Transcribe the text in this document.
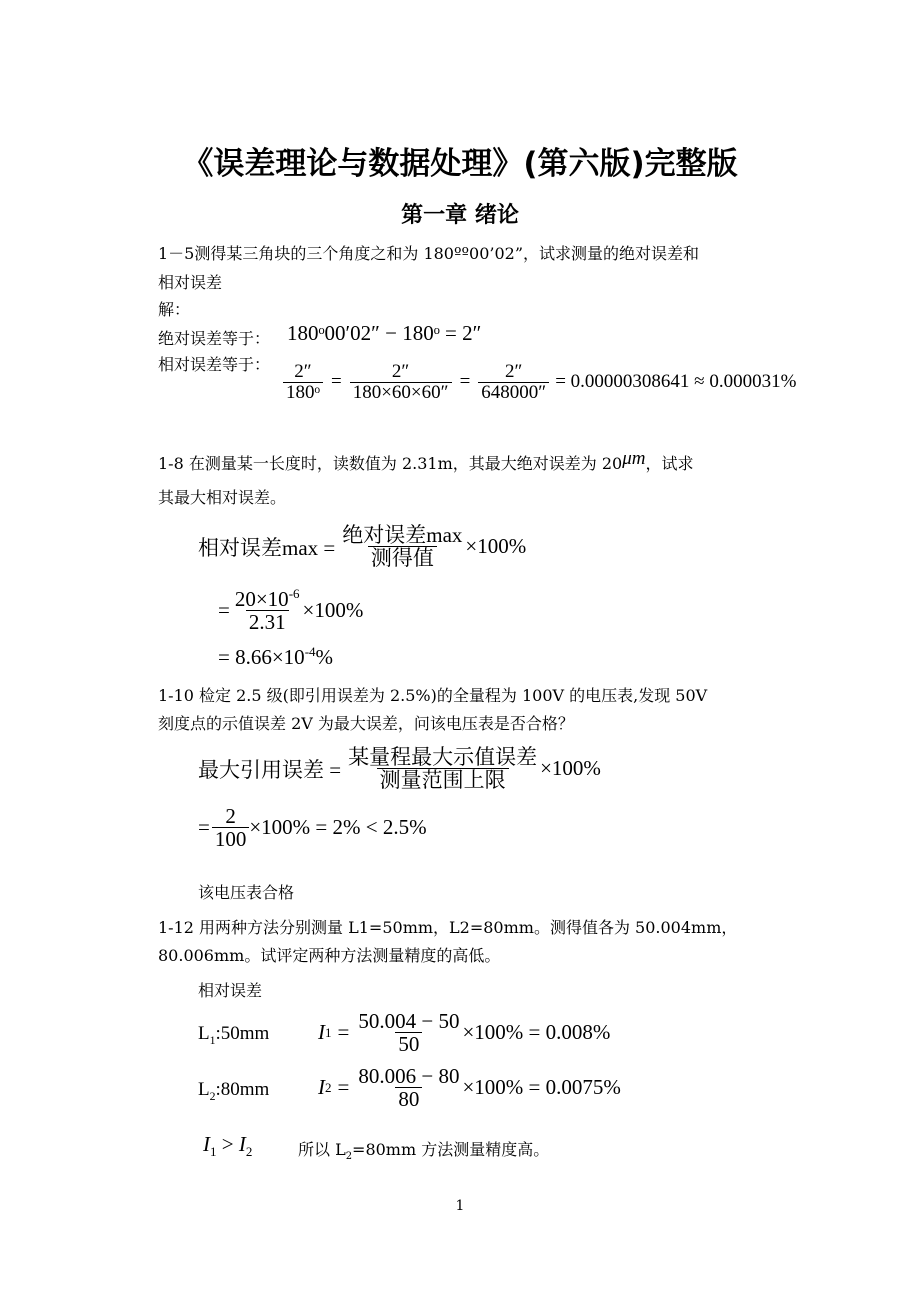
《误差理论与数据处理》(第六版)完整版
第一章 绪论
1－5测得某三角块的三个角度之和为 180ºº00’02”，试求测量的绝对误差和
相对误差
解：
绝对误差等于： 180ᵒ00′02″ − 180ᵒ = 2″
相对误差等于： $\frac{2''}{\text{180ᵒ}} = \frac{2''}{180\times 60\times 60''} = \frac{2''}{648000''} = 0.00000308641 \approx 0.000031\%$
1-8 在测量某一长度时，读数值为 2.31m，其最大绝对误差为 20μm，试求
其最大相对误差。
相对误差$\max = \frac{\text{绝对误差max}}{\text{测得值}} \times 100\%$
= $\frac{20\times 10^{-6}}{2.31} \times 100\%$
= $8.66\times 10^{-4}\%$
1-10 检定 2.5 级(即引用误差为 2.5%)的全量程为 100V 的电压表,发现 50V
刻度点的示值误差 2V 为最大误差，问该电压表是否合格？
最大引用误差 = $\frac{\text{某量程最大示值误差}}{\text{测量范围上限}} \times 100\%$
= $\frac{2}{100} \times 100\% = 2\% < 2.5\%$
该电压表合格
1-12 用两种方法分别测量 L1=50mm，L2=80mm。测得值各为 50.004mm，
80.006mm。试评定两种方法测量精度的高低。
相对误差
$L_1:50mm$ I $1 = \frac{50.004 - 50}{50} \times 100\% = 0.008\%$
$L_2:80mm$ I $2 = \frac{80.006 - 80}{80} \times 100\% = 0.0075\%$
$I_1 > I_2$	所以 $L_2=80mm$ 方法测量精度高。
1
